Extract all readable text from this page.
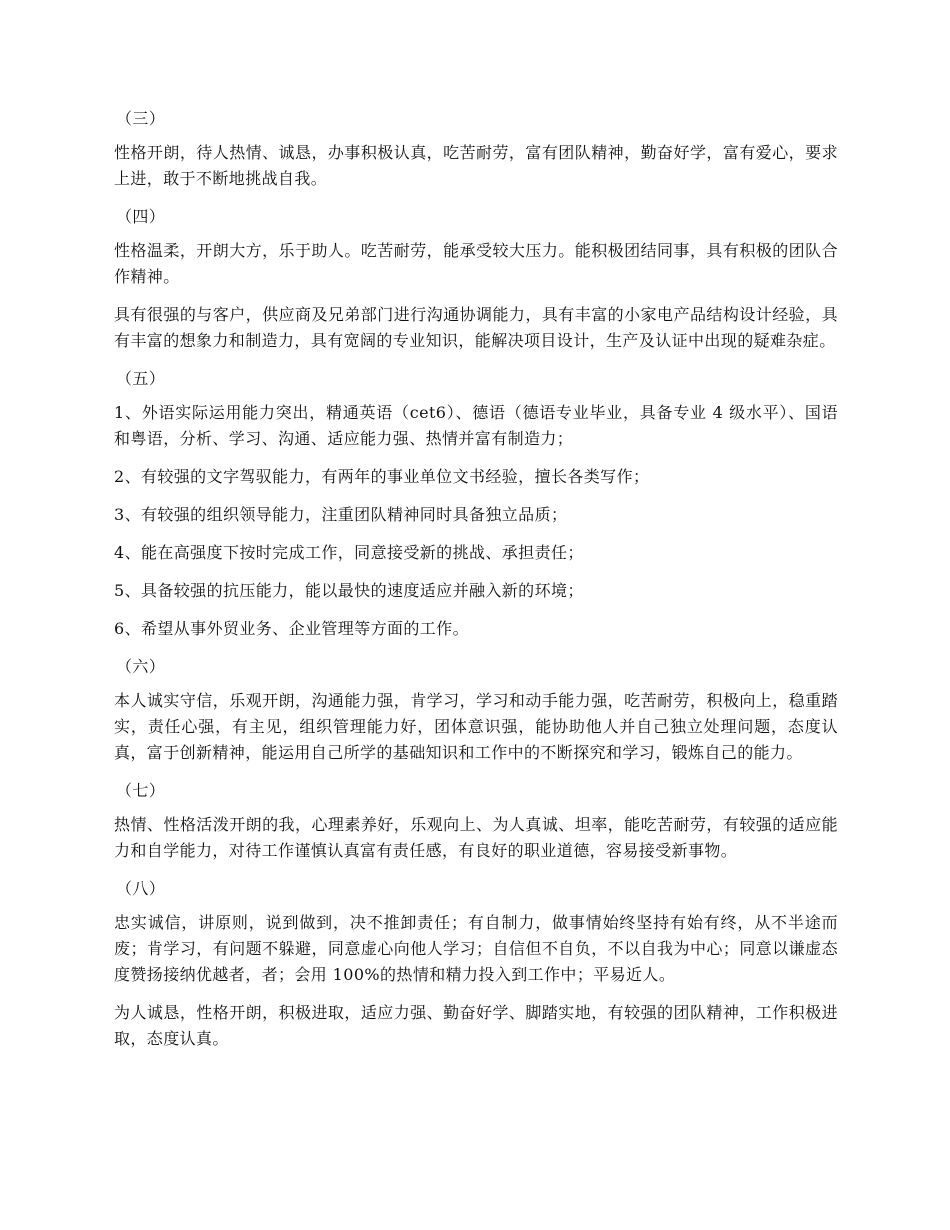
（三）
性格开朗，待人热情、诚恳，办事积极认真，吃苦耐劳，富有团队精神，勤奋好学，富有爱心，要求上进，敢于不断地挑战自我。
（四）
性格温柔，开朗大方，乐于助人。吃苦耐劳，能承受较大压力。能积极团结同事，具有积极的团队合作精神。
具有很强的与客户，供应商及兄弟部门进行沟通协调能力，具有丰富的小家电产品结构设计经验，具有丰富的想象力和制造力，具有宽阔的专业知识，能解决项目设计，生产及认证中出现的疑难杂症。
（五）
1、外语实际运用能力突出，精通英语（cet6）、德语（德语专业毕业，具备专业 4 级水平）、国语和粤语，分析、学习、沟通、适应能力强、热情并富有制造力；
2、有较强的文字驾驭能力，有两年的事业单位文书经验，擅长各类写作；
3、有较强的组织领导能力，注重团队精神同时具备独立品质；
4、能在高强度下按时完成工作，同意接受新的挑战、承担责任；
5、具备较强的抗压能力，能以最快的速度适应并融入新的环境；
6、希望从事外贸业务、企业管理等方面的工作。
（六）
本人诚实守信，乐观开朗，沟通能力强，肯学习，学习和动手能力强，吃苦耐劳，积极向上，稳重踏实，责任心强，有主见，组织管理能力好，团体意识强，能协助他人并自己独立处理问题，态度认真，富于创新精神，能运用自己所学的基础知识和工作中的不断探究和学习，锻炼自己的能力。
（七）
热情、性格活泼开朗的我，心理素养好，乐观向上、为人真诚、坦率，能吃苦耐劳，有较强的适应能力和自学能力，对待工作谨慎认真富有责任感，有良好的职业道德，容易接受新事物。
（八）
忠实诚信，讲原则，说到做到，决不推卸责任；有自制力，做事情始终坚持有始有终，从不半途而废；肯学习，有问题不躲避，同意虚心向他人学习；自信但不自负，不以自我为中心；同意以谦虚态度赞扬接纳优越者，者；会用 100%的热情和精力投入到工作中；平易近人。
为人诚恳，性格开朗，积极进取，适应力强、勤奋好学、脚踏实地，有较强的团队精神，工作积极进取，态度认真。
